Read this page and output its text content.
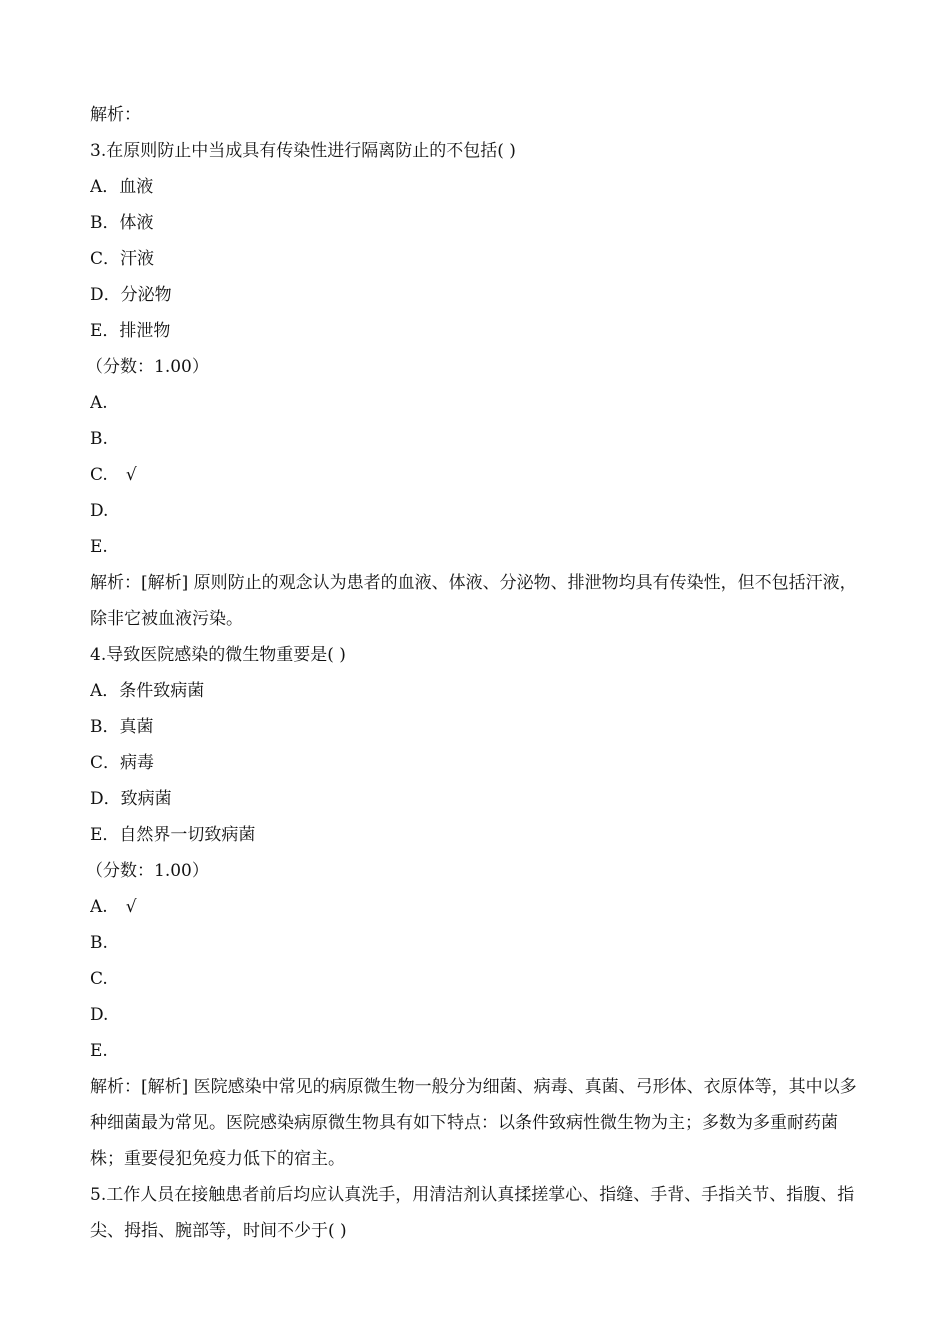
解析：
3.在原则防止中当成具有传染性进行隔离防止的不包括( )
A．血液
B．体液
C．汗液
D．分泌物
E．排泄物
（分数：1.00）
A.
B.
C. √
D.
E.
解析：[解析] 原则防止的观念认为患者的血液、体液、分泌物、排泄物均具有传染性，但不包括汗液，除非它被血液污染。
4.导致医院感染的微生物重要是( )
A．条件致病菌
B．真菌
C．病毒
D．致病菌
E．自然界一切致病菌
（分数：1.00）
A. √
B.
C.
D.
E.
解析：[解析] 医院感染中常见的病原微生物一般分为细菌、病毒、真菌、弓形体、衣原体等，其中以多种细菌最为常见。医院感染病原微生物具有如下特点：以条件致病性微生物为主；多数为多重耐药菌株；重要侵犯免疫力低下的宿主。
5.工作人员在接触患者前后均应认真洗手，用清洁剂认真揉搓掌心、指缝、手背、手指关节、指腹、指尖、拇指、腕部等，时间不少于( )
